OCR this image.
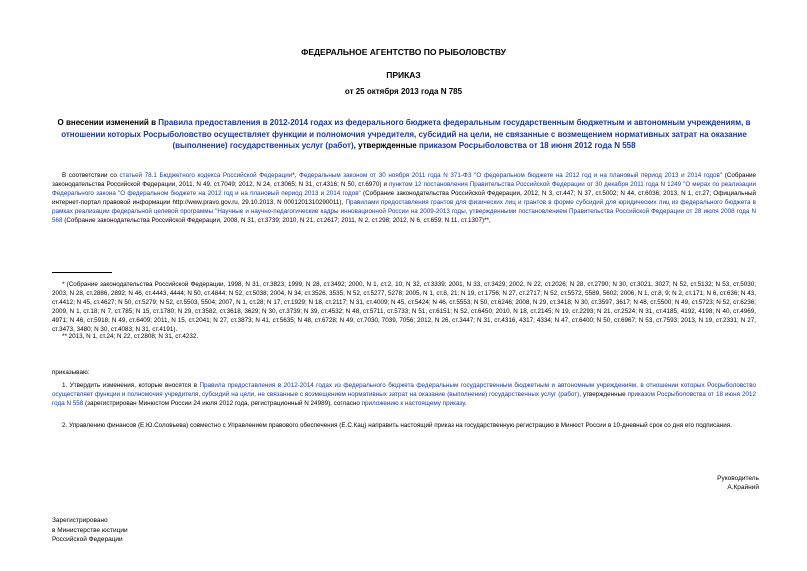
ФЕДЕРАЛЬНОЕ АГЕНТСТВО ПО РЫБОЛОВСТВУ
ПРИКАЗ
от 25 октября 2013 года N 785
О внесении изменений в Правила предоставления в 2012-2014 годах из федерального бюджета федеральным государственным бюджетным и автономным учреждениям, в отношении которых Росрыболовство осуществляет функции и полномочия учредителя, субсидий на цели, не связанные с возмещением нормативных затрат на оказание (выполнение) государственных услуг (работ), утвержденные приказом Росрыболовства от 18 июня 2012 года N 558
В соответствии со статьей 78.1 Бюджетного кодекса Российской Федерации*, Федеральным законом от 30 ноября 2011 года N 371-ФЗ "О федеральном бюджете на 2012 год и на плановый период 2013 и 2014 годов" (Собрание законодательства Российской Федерации, 2011, N 49, ст.7049; 2012, N 24, ст.3065; N 31, ст.4316; N 50, ст.6970) и пунктом 12 постановления Правительства Российской Федерации от 30 декабря 2011 года N 1249 "О мерах по реализации Федерального закона "О федеральном бюджете на 2012 год и на плановый период 2013 и 2014 годов" (Собрание законодательства Российской Федерации, 2012, N 3, ст.447; N 37, ст.5002; N 44, ст.6036; 2013, N 1, ст.27; Официальный интернет-портал правовой информации http://www.pravo.gov.ru, 29.10.2013, N 0001201310290011), Правилами предоставления грантов для физических лиц и грантов в форме субсидий для юридических лиц из федерального бюджета в рамках реализации федеральной целевой программы "Научные и научно-педагогические кадры инновационной России на 2009-2013 годы, утвержденными постановлением Правительства Российской Федерации от 28 июля 2008 года N 568 (Собрание законодательства Российской Федерации, 2008, N 31, ст.3739; 2010, N 21, ст.2617; 2011, N 2, ст.298; 2012, N 6, ст.659; N 11, ст.1307)**,
* (Собрание законодательства Российской Федерации, 1998, N 31, ст.3823; 1999, N 28, ст.3492; 2000, N 1, ст.2, 10; N 32, ст.3339; 2001, N 33, ст.3429; 2002, N 22, ст.2026; N 28, ст.2790; N 30, ст.3021, 3027; N 52, ст.5132; N 53, ст.5030; 2003, N 28, ст.2886, 2892; N 46, ст.4443, 4444; N 50, ст.4844; N 52, ст.5038; 2004, N 34, ст.3526, 3535; N 52, ст.5277, 5278; 2005, N 1, ст.8, 21; N 19, ст.1756; N 27, ст.2717; N 52, ст.5572, 5589, 5602; 2006, N 1, ст.8, 9; N 2, ст.171; N 6, ст.636; N 43, ст.4412; N 45, ст.4627; N 50, ст.5279; N 52, ст.5503, 5504; 2007, N 1, ст.28; N 17, ст.1929; N 18, ст.2117; N 31, ст.4009; N 45, ст.5424; N 46, ст.5553; N 50, ст.6246; 2008, N 29, ст.3418; N 30, ст.3597, 3617; N 48, ст.5500; N 49, ст.5723; N 52, ст.6236; 2009, N 1, ст.18; N 7, ст.785; N 15, ст.1780; N 29, ст.3582, ст.3618, 3629; N 30, ст.3739; N 39, ст.4532; N 48, ст.5711, ст.5733; N 51, ст.6151; N 52, ст.6450; 2010, N 18, ст.2145; N 19, ст.2293; N 21, ст.2524; N 31, ст.4185, 4192, 4198; N 40, ст.4969, 4971; N 46, ст.5918; N 49, ст.6409; 2011, N 15, ст.2041; N 27, ст.3873; N 41, ст.5635; N 48, ст.6728; N 49, ст.7030, 7039, 7056; 2012, N 26, ст.3447; N 31, ст.4316, 4317, 4334; N 47, ст.6400; N 50, ст.6967; N 53, ст.7593; 2013, N 19, ст.2331; N 27, ст.3473, 3480; N 30, ст.4083; N 31, ст.4191).
** 2013, N 1, ст.24; N 22, ст.2808; N 31, ст.4232.
приказываю:
1. Утвердить изменения, которые вносятся в Правила предоставления в 2012-2014 годах из федерального бюджета федеральным государственным бюджетным и автономным учреждениям, в отношении которых Росрыболовство осуществляет функции и полномочия учредителя, субсидий на цели, не связанные с возмещением нормативных затрат на оказание (выполнение) государственных услуг (работ), утвержденные приказом Росрыболовства от 18 июня 2012 года N 558 (зарегистрирован Минюстом России 24 июля 2012 года, регистрационный N 24989), согласно приложению к настоящему приказу.
2. Управлению финансов (Е.Ю.Соловьева) совместно с Управлением правового обеспечения (Е.С.Кац) направить настоящий приказ на государственную регистрацию в Минюст России в 10-дневный срок со дня его подписания.
Руководитель
А.Крайний
Зарегистрировано
в Министерстве юстиции
Российской Федерации
